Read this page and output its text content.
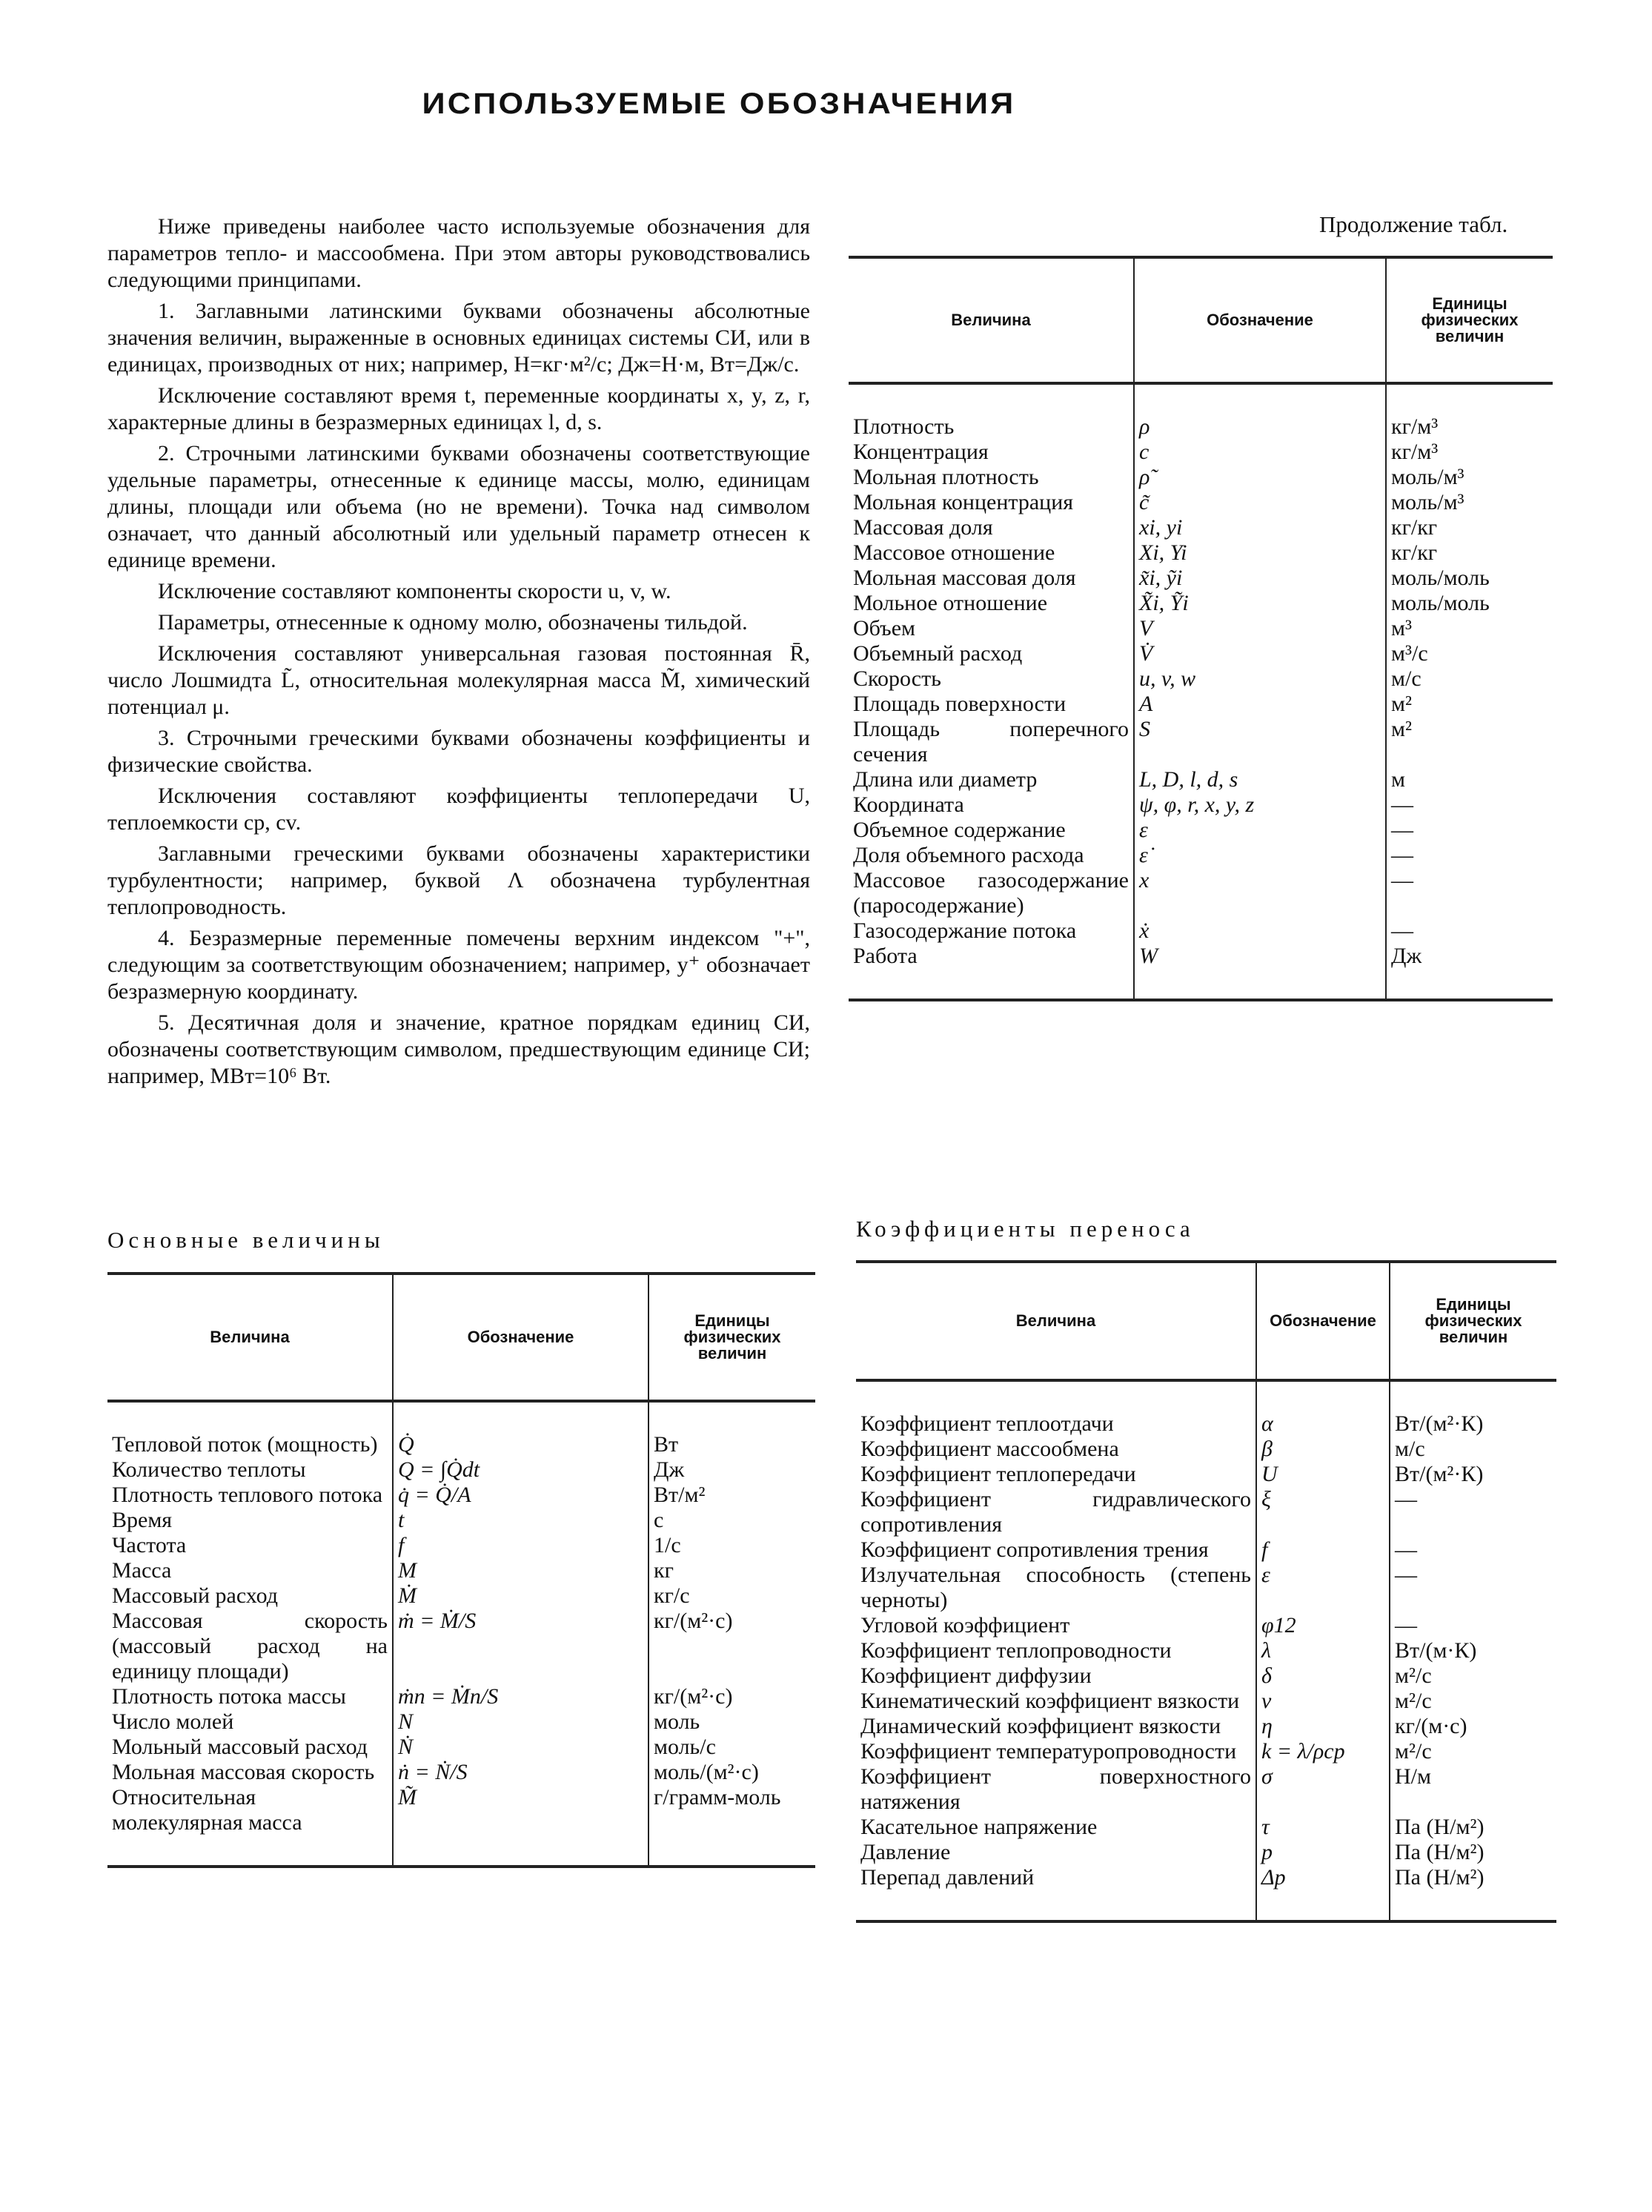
ИСПОЛЬЗУЕМЫЕ ОБОЗНАЧЕНИЯ

Ниже приведены наиболее часто используемые обозначения для параметров тепло- и массообмена. При этом авторы руководствовались следующими принципами.

1. Заглавными латинскими буквами обозначены абсолютные значения величин, выраженные в основных единицах системы СИ, или в единицах, производных от них; например, Н=кг·м²/с; Дж=Н·м, Вт=Дж/с.

Исключение составляют время t, переменные координаты x, y, z, r, характерные длины в безразмерных единицах l, d, s.

2. Строчными латинскими буквами обозначены соответствующие удельные параметры, отнесенные к единице массы, молю, единицам длины, площади или объема (но не времени). Точка над символом означает, что данный абсолютный или удельный параметр отнесен к единице времени.

Исключение составляют компоненты скорости u, v, w.

Параметры, отнесенные к одному молю, обозначены тильдой.

Исключения составляют универсальная газовая постоянная R̄, число Лошмидта L̃, относительная молекулярная масса M̃, химический потенциал μ.

3. Строчными греческими буквами обозначены коэффициенты и физические свойства.

Исключения составляют коэффициенты теплопередачи U, теплоемкости cp, cv.

Заглавными греческими буквами обозначены характеристики турбулентности; например, буквой Λ обозначена турбулентная теплопроводность.

4. Безразмерные переменные помечены верхним индексом "+", следующим за соответствующим обозначением; например, y⁺ обозначает безразмерную координату.

5. Десятичная доля и значение, кратное порядкам единиц СИ, обозначены соответствующим символом, предшествующим единице СИ; например, МВт=10⁶ Вт.

Основные величины
Величина	Обозначение	Единицы физических величин
Тепловой поток (мощность)	Q̇	Вт
Количество теплоты	Q = ∫Q̇dt	Дж
Плотность теплового потока	q̇ = Q̇/A	Вт/м²
Время	t	с
Частота	f	1/с
Масса	M	кг
Массовый расход	Ṁ	кг/с
Массовая скорость (массовый расход на единицу площади)	ṁ = Ṁ/S	кг/(м²·с)
Плотность потока массы	ṁn = Ṁn/S	кг/(м²·с)
Число молей	N	моль
Мольный массовый расход	Ṅ	моль/с
Мольная массовая скорость	ṅ = Ṅ/S	моль/(м²·с)
Относительная молекулярная масса	M̃	г/грамм-моль
Продолжение табл.
Величина	Обозначение	Единицы физических величин
Плотность	ρ	кг/м³
Концентрация	c	кг/м³
Мольная плотность	ρ̃	моль/м³
Мольная концентрация	c̃	моль/м³
Массовая доля	xi, yi	кг/кг
Массовое отношение	Xi, Yi	кг/кг
Мольная массовая доля	x̃i, ỹi	моль/моль
Мольное отношение	X̃i, Ỹi	моль/моль
Объем	V	м³
Объемный расход	V̇	м³/с
Скорость	u, v, w	м/с
Площадь поверхности	A	м²
Площадь поперечного сечения	S	м²
Длина или диаметр	L, D, l, d, s	м
Координата	ψ, φ, r, x, y, z	—
Объемное содержание	ε	—
Доля объемного расхода	ε̇	—
Массовое газосодержание (паросодержание)	x	—
Газосодержание потока	ẋ	—
Работа	W	Дж
Коэффициенты переноса
Величина	Обозначение	Единицы физических величин
Коэффициент теплоотдачи	α	Вт/(м²·К)
Коэффициент массообмена	β	м/с
Коэффициент теплопередачи	U	Вт/(м²·К)
Коэффициент гидравлического сопротивления	ξ	—
Коэффициент сопротивления трения	f	—
Излучательная способность (степень черноты)	ε	—
Угловой коэффициент	φ12	—
Коэффициент теплопроводности	λ	Вт/(м·К)
Коэффициент диффузии	δ	м²/с
Кинематический коэффициент вязкости	ν	м²/с
Динамический коэффициент вязкости	η	кг/(м·с)
Коэффициент температуропроводности	k = λ/ρcp	м²/с
Коэффициент поверхностного натяжения	σ	Н/м
Касательное напряжение	τ	Па (Н/м²)
Давление	p	Па (Н/м²)
Перепад давлений	Δp	Па (Н/м²)
